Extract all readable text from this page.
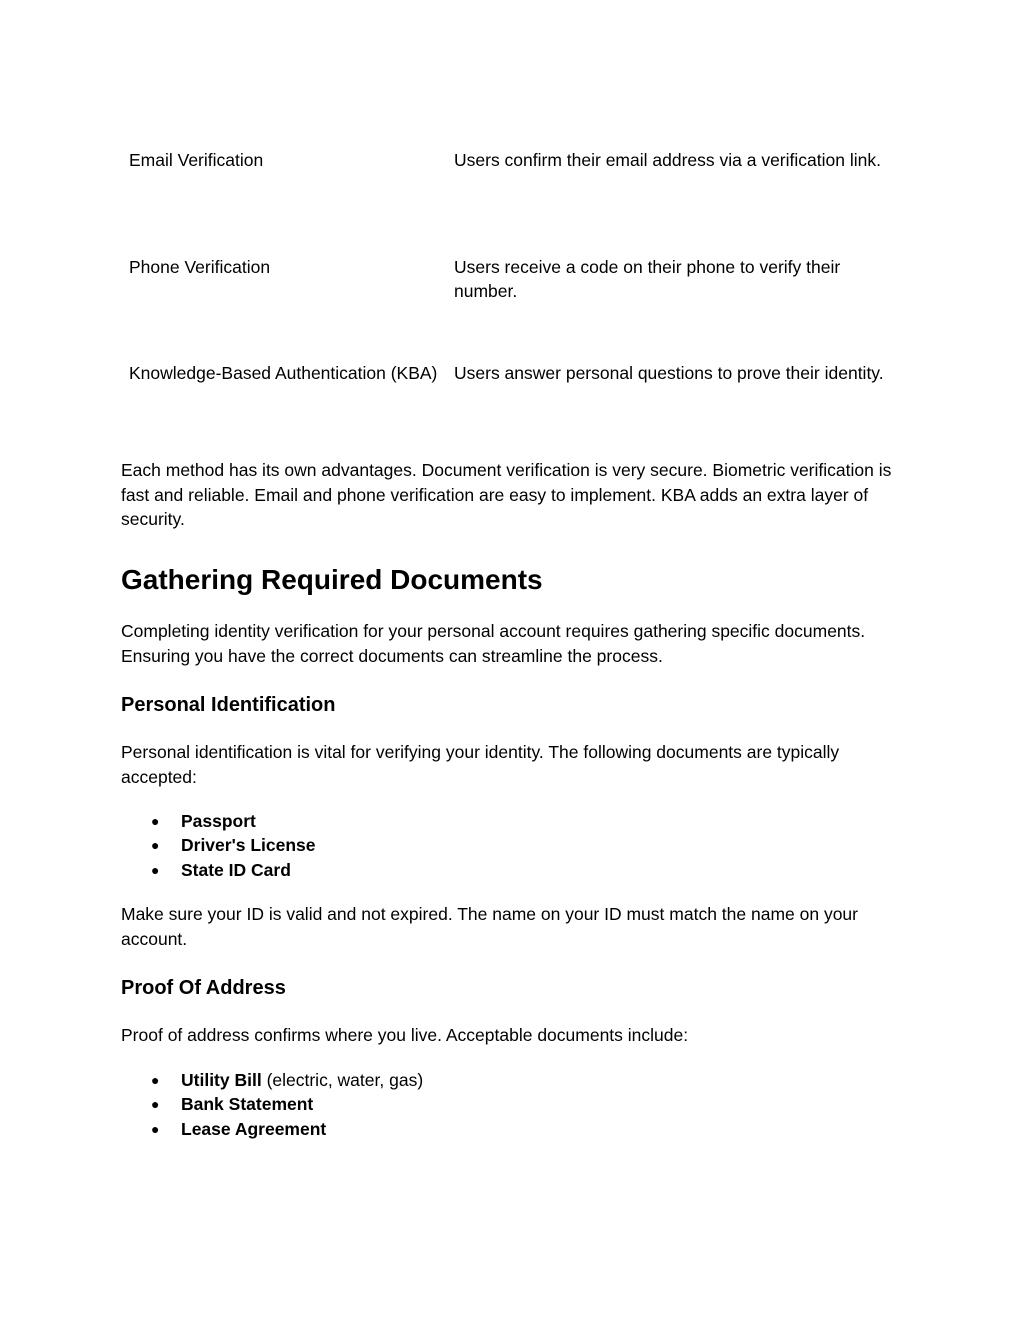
Email Verification	Users confirm their email address via a verification link.
Phone Verification	Users receive a code on their phone to verify their number.
Knowledge-Based Authentication (KBA) Users answer personal questions to prove their identity.

Each method has its own advantages. Document verification is very secure. Biometric verification is fast and reliable. Email and phone verification are easy to implement. KBA adds an extra layer of security.

Gathering Required Documents

Completing identity verification for your personal account requires gathering specific documents. Ensuring you have the correct documents can streamline the process.

Personal Identification

Personal identification is vital for verifying your identity. The following documents are typically accepted:

● Passport
● Driver's License
● State ID Card

Make sure your ID is valid and not expired. The name on your ID must match the name on your account.

Proof Of Address

Proof of address confirms where you live. Acceptable documents include:

● Utility Bill (electric, water, gas)
● Bank Statement
● Lease Agreement
